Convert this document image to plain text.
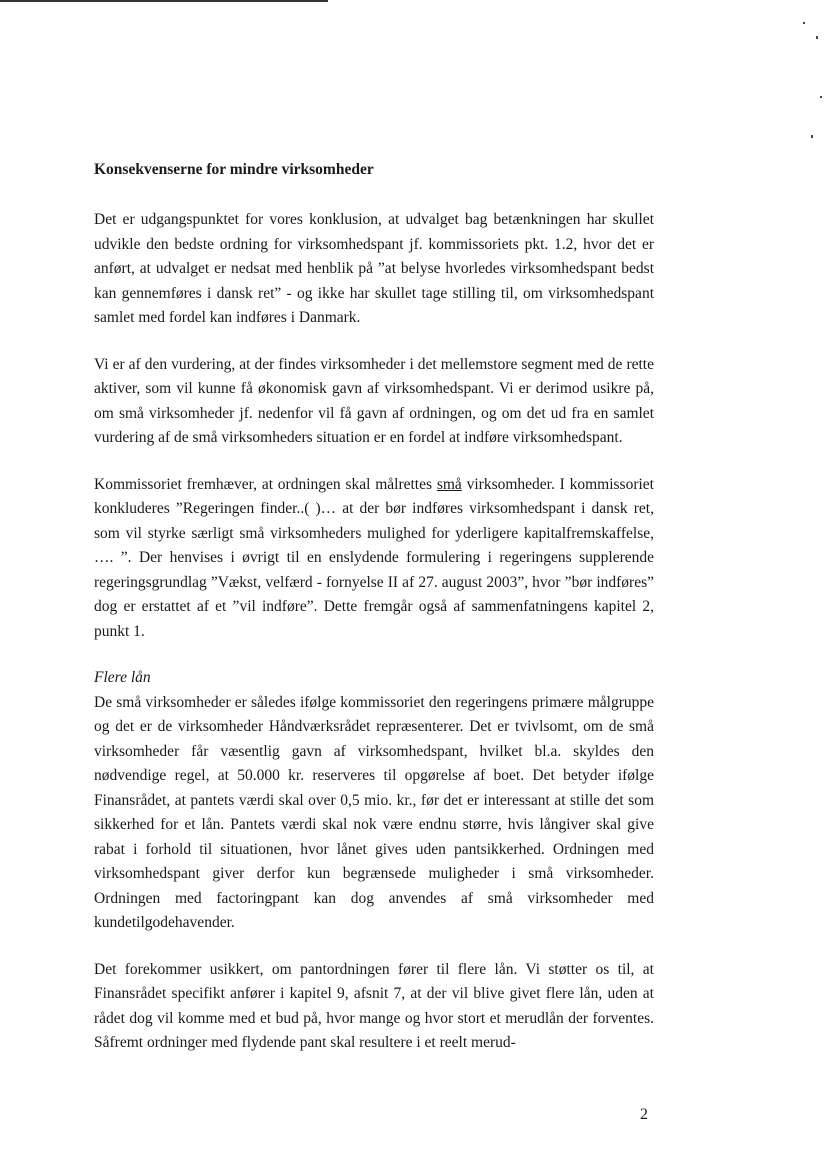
Konsekvenserne for mindre virksomheder

Det er udgangspunktet for vores konklusion, at udvalget bag betænkningen har skullet udvikle den bedste ordning for virksomhedspant jf. kommissoriets pkt. 1.2, hvor det er anført, at udvalget er nedsat med henblik på ”at belyse hvorledes virksomhedspant bedst kan gennemføres i dansk ret” - og ikke har skullet tage stilling til, om virksomhedspant samlet med fordel kan indføres i Danmark.

Vi er af den vurdering, at der findes virksomheder i det mellemstore segment med de rette aktiver, som vil kunne få økonomisk gavn af virksomhedspant. Vi er derimod usikre på, om små virksomheder jf. nedenfor vil få gavn af ordningen, og om det ud fra en samlet vurdering af de små virksomheders situation er en fordel at indføre virksomhedspant.

Kommissoriet fremhæver, at ordningen skal målrettes små virksomheder. I kommissoriet konkluderes ”Regeringen finder..( )… at der bør indføres virksomhedspant i dansk ret, som vil styrke særligt små virksomheders mulighed for yderligere kapitalfremskaffelse, …. ”. Der henvises i øvrigt til en enslydende formulering i regeringens supplerende regeringsgrundlag ”Vækst, velfærd - fornyelse II af 27. august 2003”, hvor ”bør indføres” dog er erstattet af et ”vil indføre”. Dette fremgår også af sammenfatningens kapitel 2, punkt 1.

Flere lån

De små virksomheder er således ifølge kommissoriet den regeringens primære målgruppe og det er de virksomheder Håndværksrådet repræsenterer. Det er tvivlsomt, om de små virksomheder får væsentlig gavn af virksomhedspant, hvilket bl.a. skyldes den nødvendige regel, at 50.000 kr. reserveres til opgørelse af boet. Det betyder ifølge Finansrådet, at pantets værdi skal over 0,5 mio. kr., før det er interessant at stille det som sikkerhed for et lån. Pantets værdi skal nok være endnu større, hvis långiver skal give rabat i forhold til situationen, hvor lånet gives uden pantsikkerhed. Ordningen med virksomhedspant giver derfor kun begrænsede muligheder i små virksomheder. Ordningen med factoringpant kan dog anvendes af små virksomheder med kundetilgodehavender.

Det forekommer usikkert, om pantordningen fører til flere lån. Vi støtter os til, at Finansrådet specifikt anfører i kapitel 9, afsnit 7, at der vil blive givet flere lån, uden at rådet dog vil komme med et bud på, hvor mange og hvor stort et merudlån der forventes. Såfremt ordninger med flydende pant skal resultere i et reelt merud-

2
